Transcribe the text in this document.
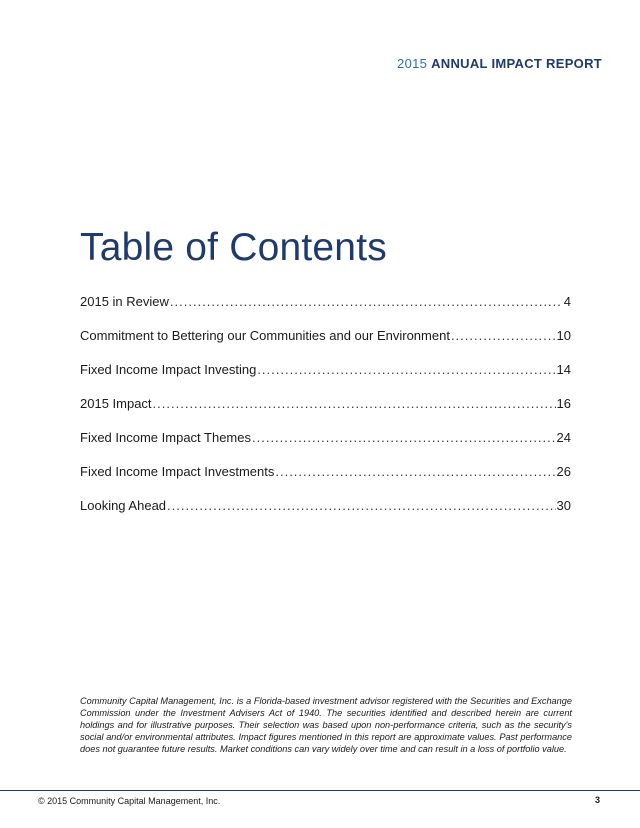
2015 ANNUAL IMPACT REPORT
Table of Contents
2015 in Review .....	4
Commitment to Bettering our Communities and our Environment .....	10
Fixed Income Impact Investing .....	14
2015 Impact .....	16
Fixed Income Impact Themes .....	24
Fixed Income Impact Investments .....	26
Looking Ahead .....	30

Community Capital Management, Inc. is a Florida-based investment advisor registered with the Securities and Exchange Commission under the Investment Advisers Act of 1940. The securities identified and described herein are current holdings and for illustrative purposes. Their selection was based upon non-performance criteria, such as the security's social and/or environmental attributes. Impact figures mentioned in this report are approximate values. Past performance does not guarantee future results. Market conditions can vary widely over time and can result in a loss of portfolio value.

© 2015 Community Capital Management, Inc.	3
